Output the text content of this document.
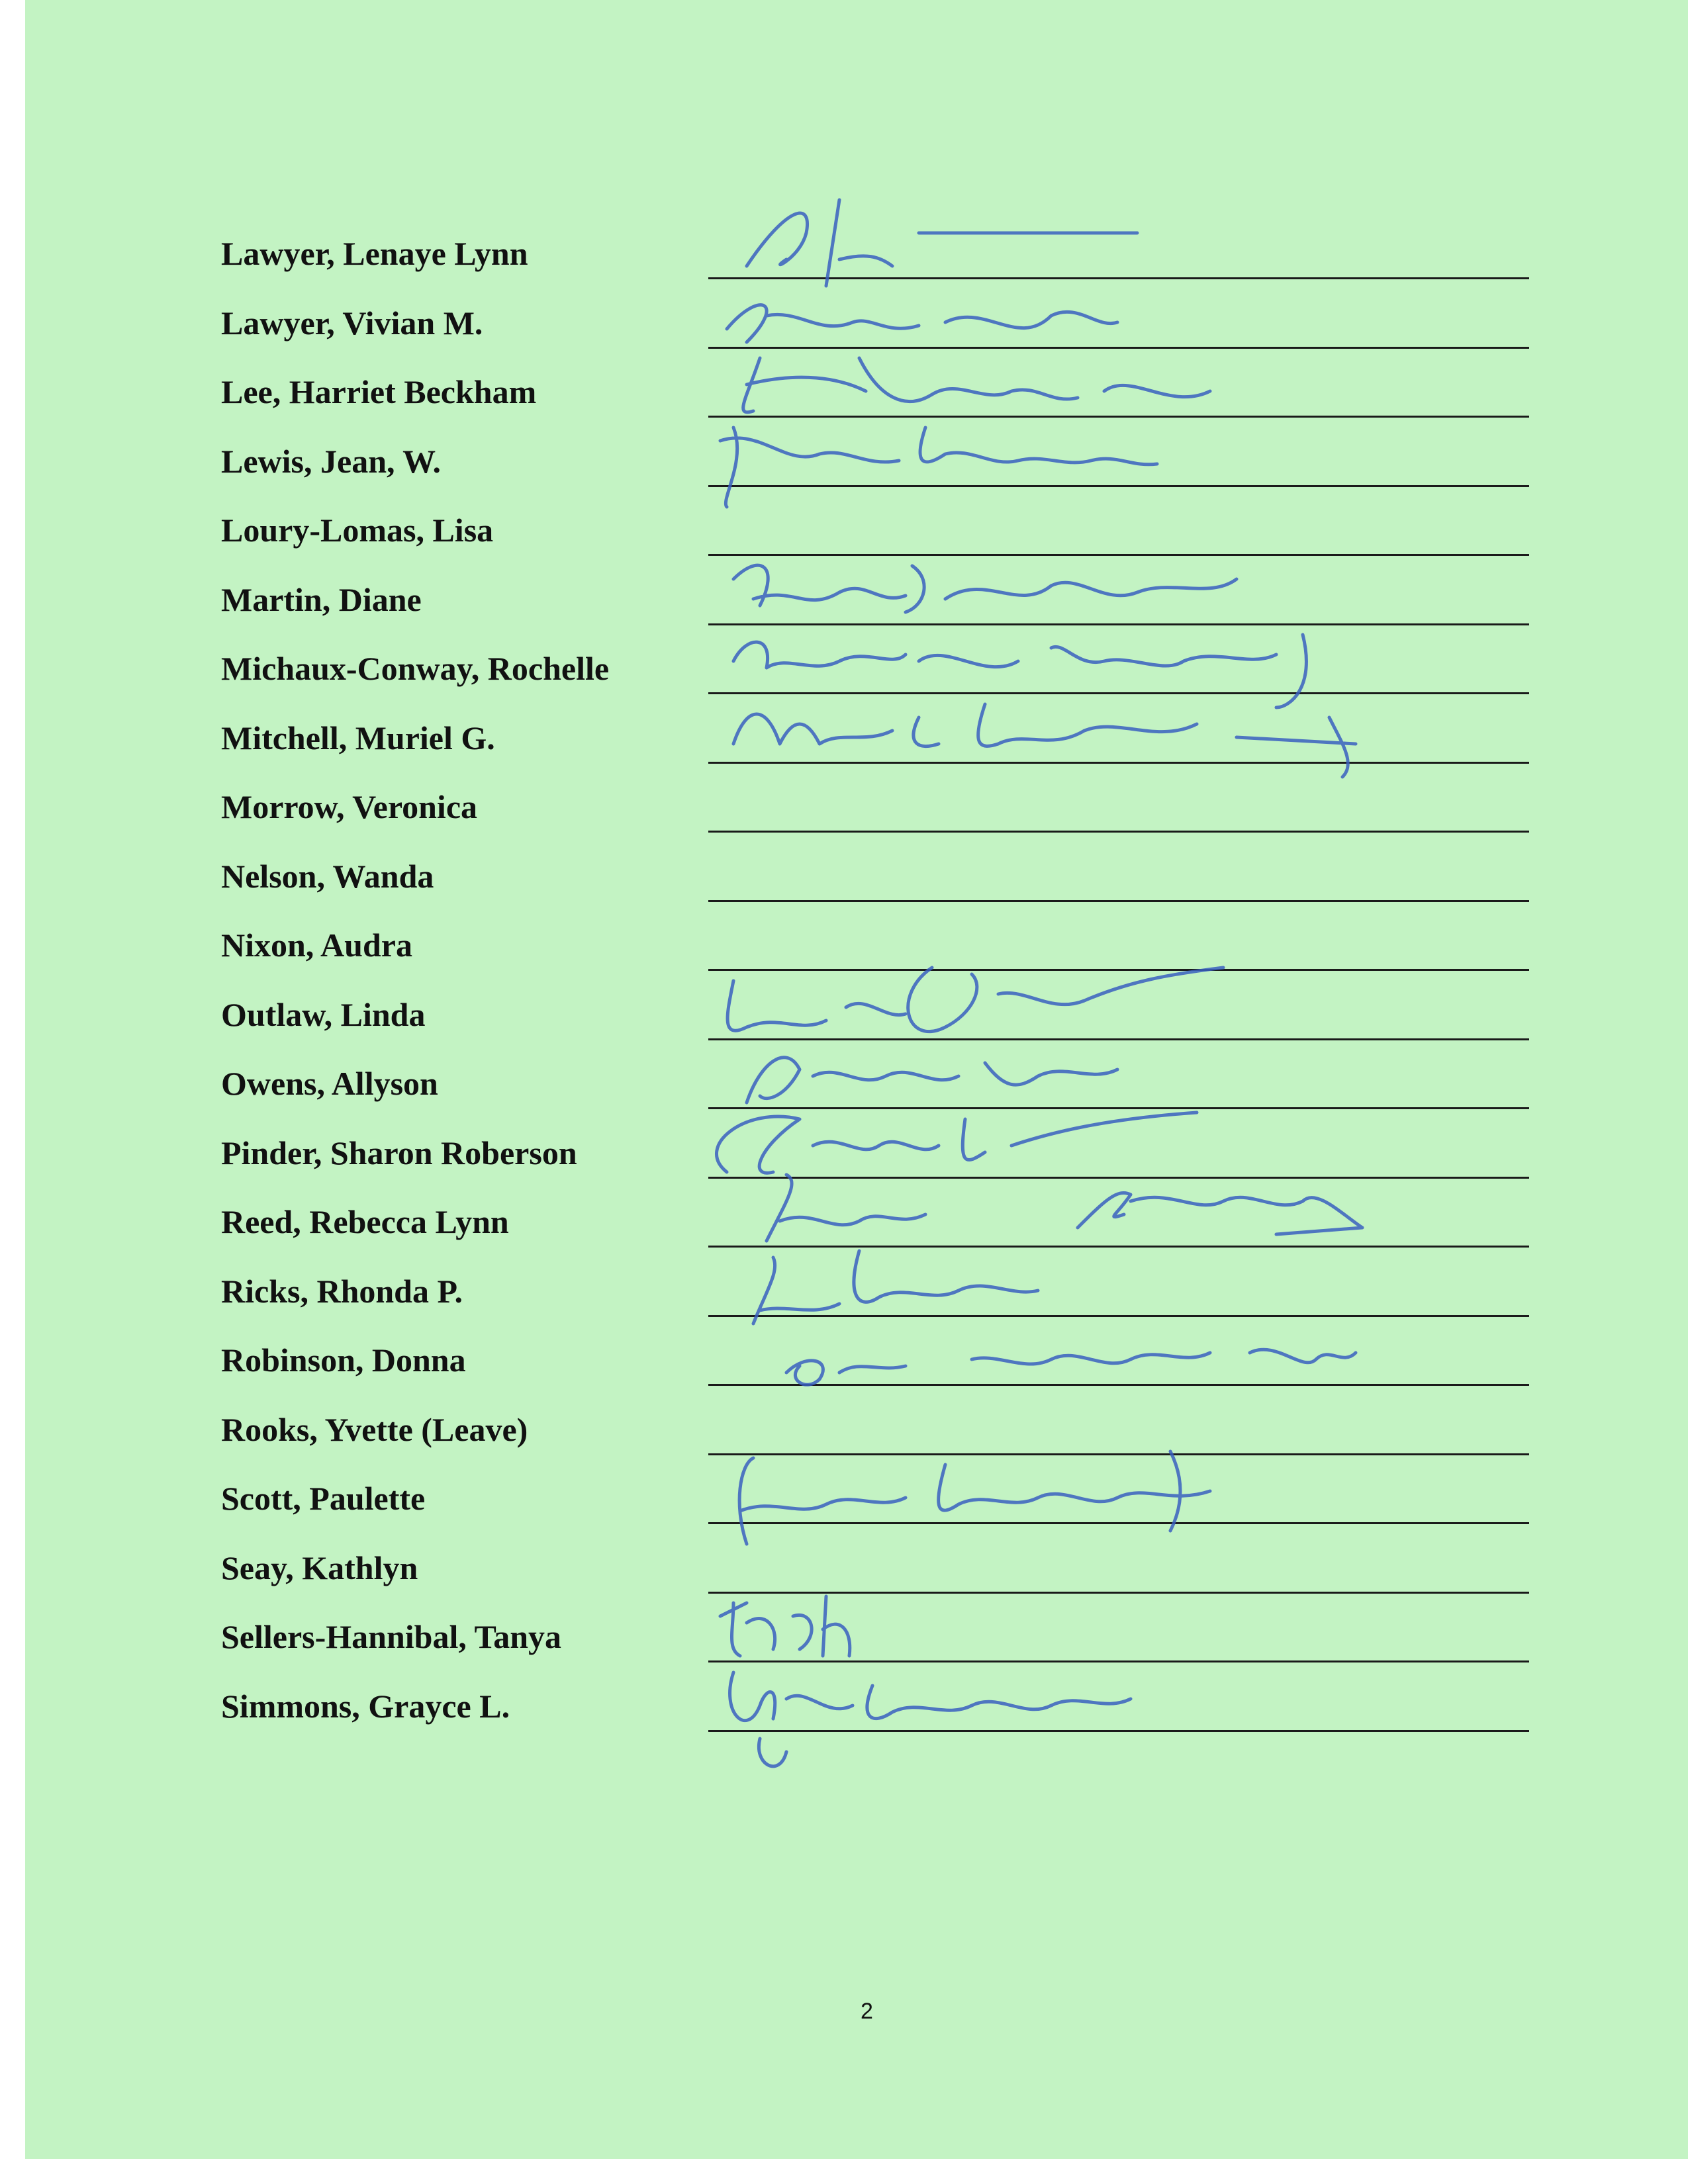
Lawyer, Lenaye Lynn
Lawyer, Vivian M.
Lee, Harriet Beckham
Lewis, Jean, W.
Loury-Lomas, Lisa
Martin, Diane
Michaux-Conway, Rochelle
Mitchell, Muriel G.
Morrow, Veronica
Nelson, Wanda
Nixon, Audra
Outlaw, Linda
Owens, Allyson
Pinder, Sharon Roberson
Reed, Rebecca Lynn
Ricks, Rhonda P.
Robinson, Donna
Rooks, Yvette (Leave)
Scott, Paulette
Seay, Kathlyn
Sellers-Hannibal, Tanya
Simmons, Grayce L.
2
